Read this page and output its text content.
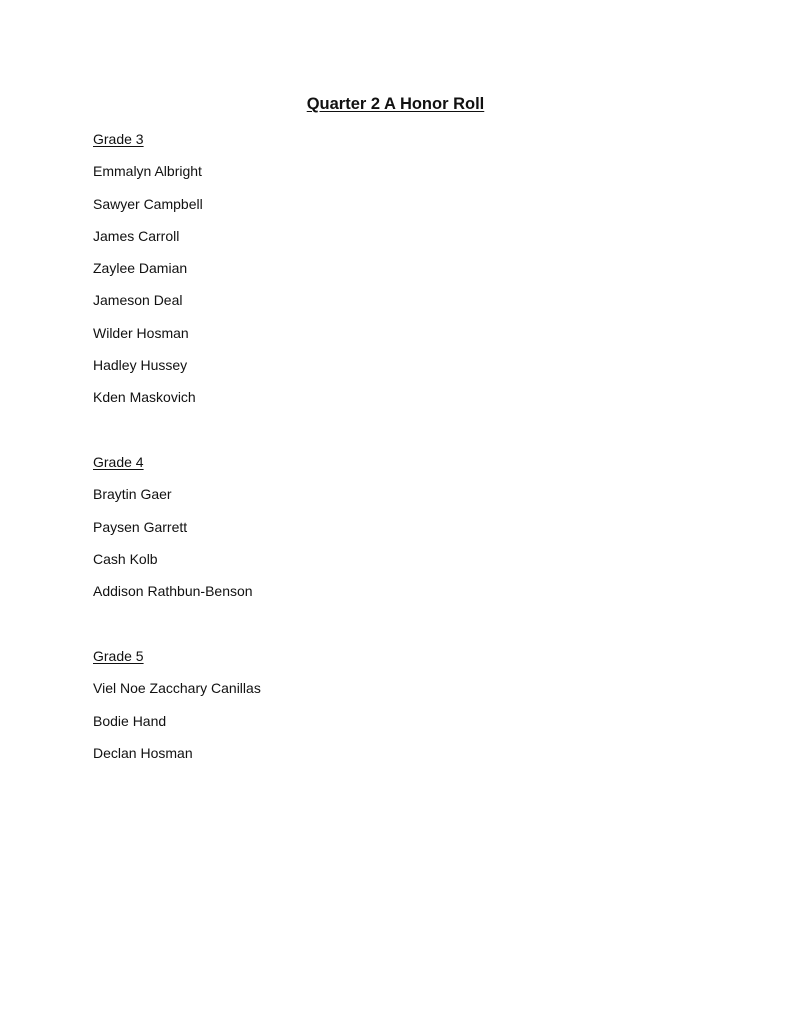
Quarter 2 A Honor Roll
Grade 3
Emmalyn Albright
Sawyer Campbell
James Carroll
Zaylee Damian
Jameson Deal
Wilder Hosman
Hadley Hussey
Kden Maskovich
Grade 4
Braytin Gaer
Paysen Garrett
Cash Kolb
Addison Rathbun-Benson
Grade 5
Viel Noe Zacchary Canillas
Bodie Hand
Declan Hosman
